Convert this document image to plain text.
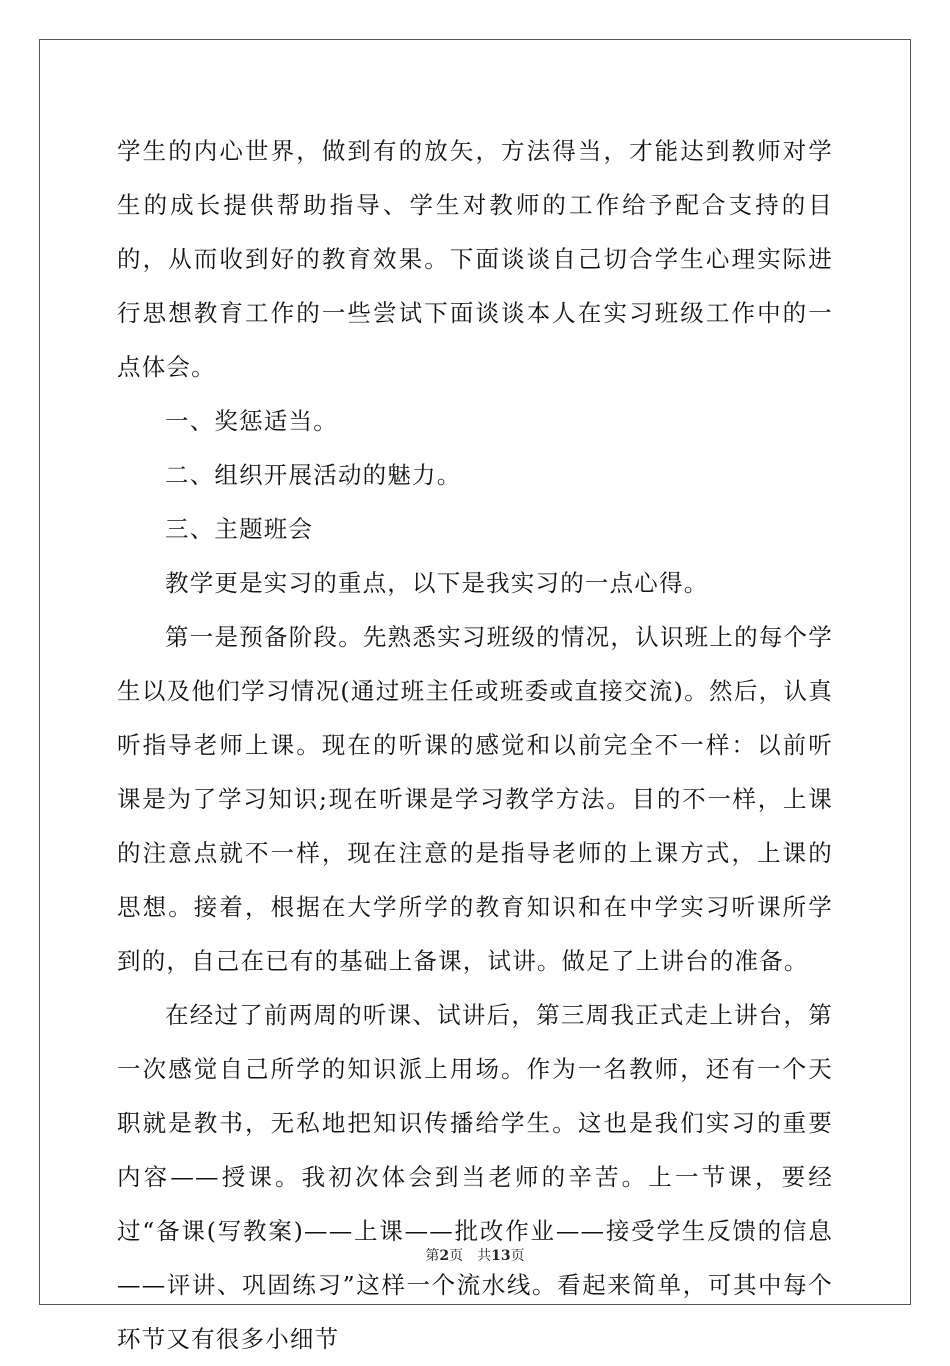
学生的内心世界，做到有的放矢，方法得当，才能达到教师对学生的成长提供帮助指导、学生对教师的工作给予配合支持的目的，从而收到好的教育效果。下面谈谈自己切合学生心理实际进行思想教育工作的一些尝试下面谈谈本人在实习班级工作中的一点体会。

一、奖惩适当。

二、组织开展活动的魅力。

三、主题班会

教学更是实习的重点，以下是我实习的一点心得。

第一是预备阶段。先熟悉实习班级的情况，认识班上的每个学生以及他们学习情况(通过班主任或班委或直接交流)。然后，认真听指导老师上课。现在的听课的感觉和以前完全不一样：以前听课是为了学习知识;现在听课是学习教学方法。目的不一样，上课的注意点就不一样，现在注意的是指导老师的上课方式，上课的思想。接着，根据在大学所学的教育知识和在中学实习听课所学到的，自己在已有的基础上备课，试讲。做足了上讲台的准备。

在经过了前两周的听课、试讲后，第三周我正式走上讲台，第一次感觉自己所学的知识派上用场。作为一名教师，还有一个天职就是教书，无私地把知识传播给学生。这也是我们实习的重要内容——授课。我初次体会到当老师的辛苦。上一节课，要经过“备课(写教案)——上课——批改作业——接受学生反馈的信息——评讲、巩固练习”这样一个流水线。看起来简单，可其中每个环节又有很多小细节

第2页 共13页
